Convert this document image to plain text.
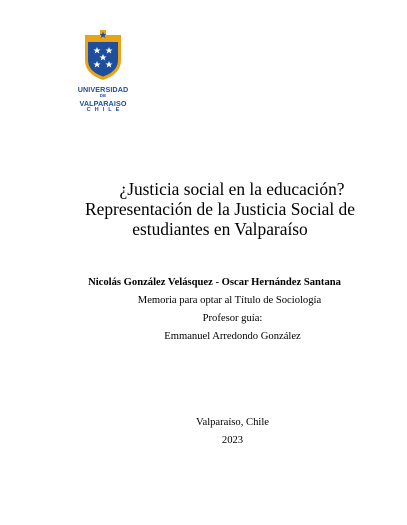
UNIVERSIDAD
DE
VALPARAISO
CHILE
¿Justicia social en la educación?
Representación de la Justicia Social de
estudiantes en Valparaíso
Nicolás González Velásquez - Oscar Hernández Santana
Memoria para optar al Título de Sociología
Profesor guía:
Emmanuel Arredondo González
Valparaíso, Chile
2023
